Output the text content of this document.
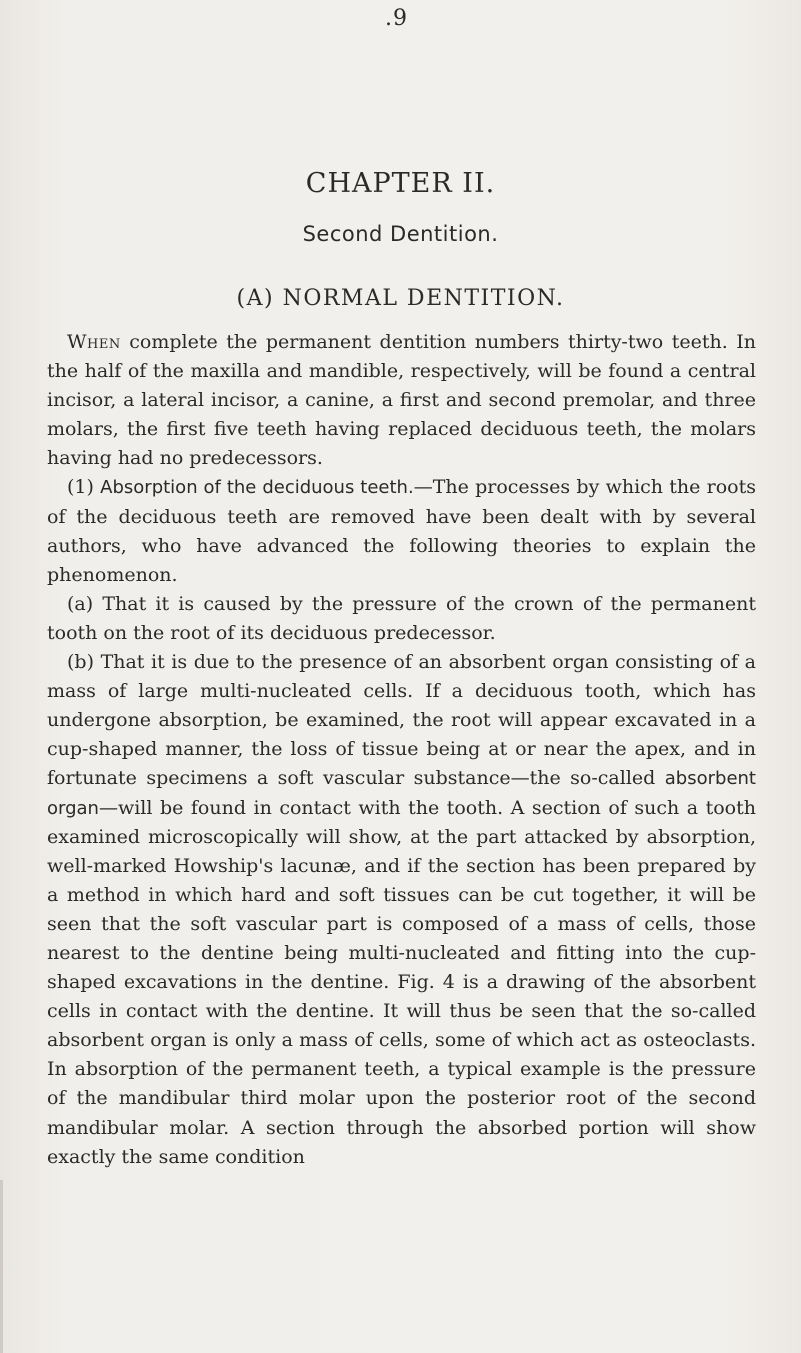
.9
CHAPTER II.
Second Dentition.
(A) NORMAL DENTITION.

When complete the permanent dentition numbers thirty-two teeth. In the half of the maxilla and mandible, respectively, will be found a central incisor, a lateral incisor, a canine, a first and second premolar, and three molars, the first five teeth having replaced deciduous teeth, the molars having had no predecessors.

(1) Absorption of the deciduous teeth.—The processes by which the roots of the deciduous teeth are removed have been dealt with by several authors, who have advanced the following theories to explain the phenomenon.

(a) That it is caused by the pressure of the crown of the permanent tooth on the root of its deciduous predecessor.

(b) That it is due to the presence of an absorbent organ consisting of a mass of large multi-nucleated cells. If a deciduous tooth, which has undergone absorption, be examined, the root will appear excavated in a cup-shaped manner, the loss of tissue being at or near the apex, and in fortunate specimens a soft vascular substance—the so-called absorbent organ—will be found in contact with the tooth. A section of such a tooth examined microscopically will show, at the part attacked by absorption, well-marked Howship's lacunæ, and if the section has been prepared by a method in which hard and soft tissues can be cut together, it will be seen that the soft vascular part is composed of a mass of cells, those nearest to the dentine being multi-nucleated and fitting into the cup-shaped excavations in the dentine. Fig. 4 is a drawing of the absorbent cells in contact with the dentine. It will thus be seen that the so-called absorbent organ is only a mass of cells, some of which act as osteoclasts. In absorption of the permanent teeth, a typical example is the pressure of the mandibular third molar upon the posterior root of the second mandibular molar. A section through the absorbed portion will show exactly the same condition
